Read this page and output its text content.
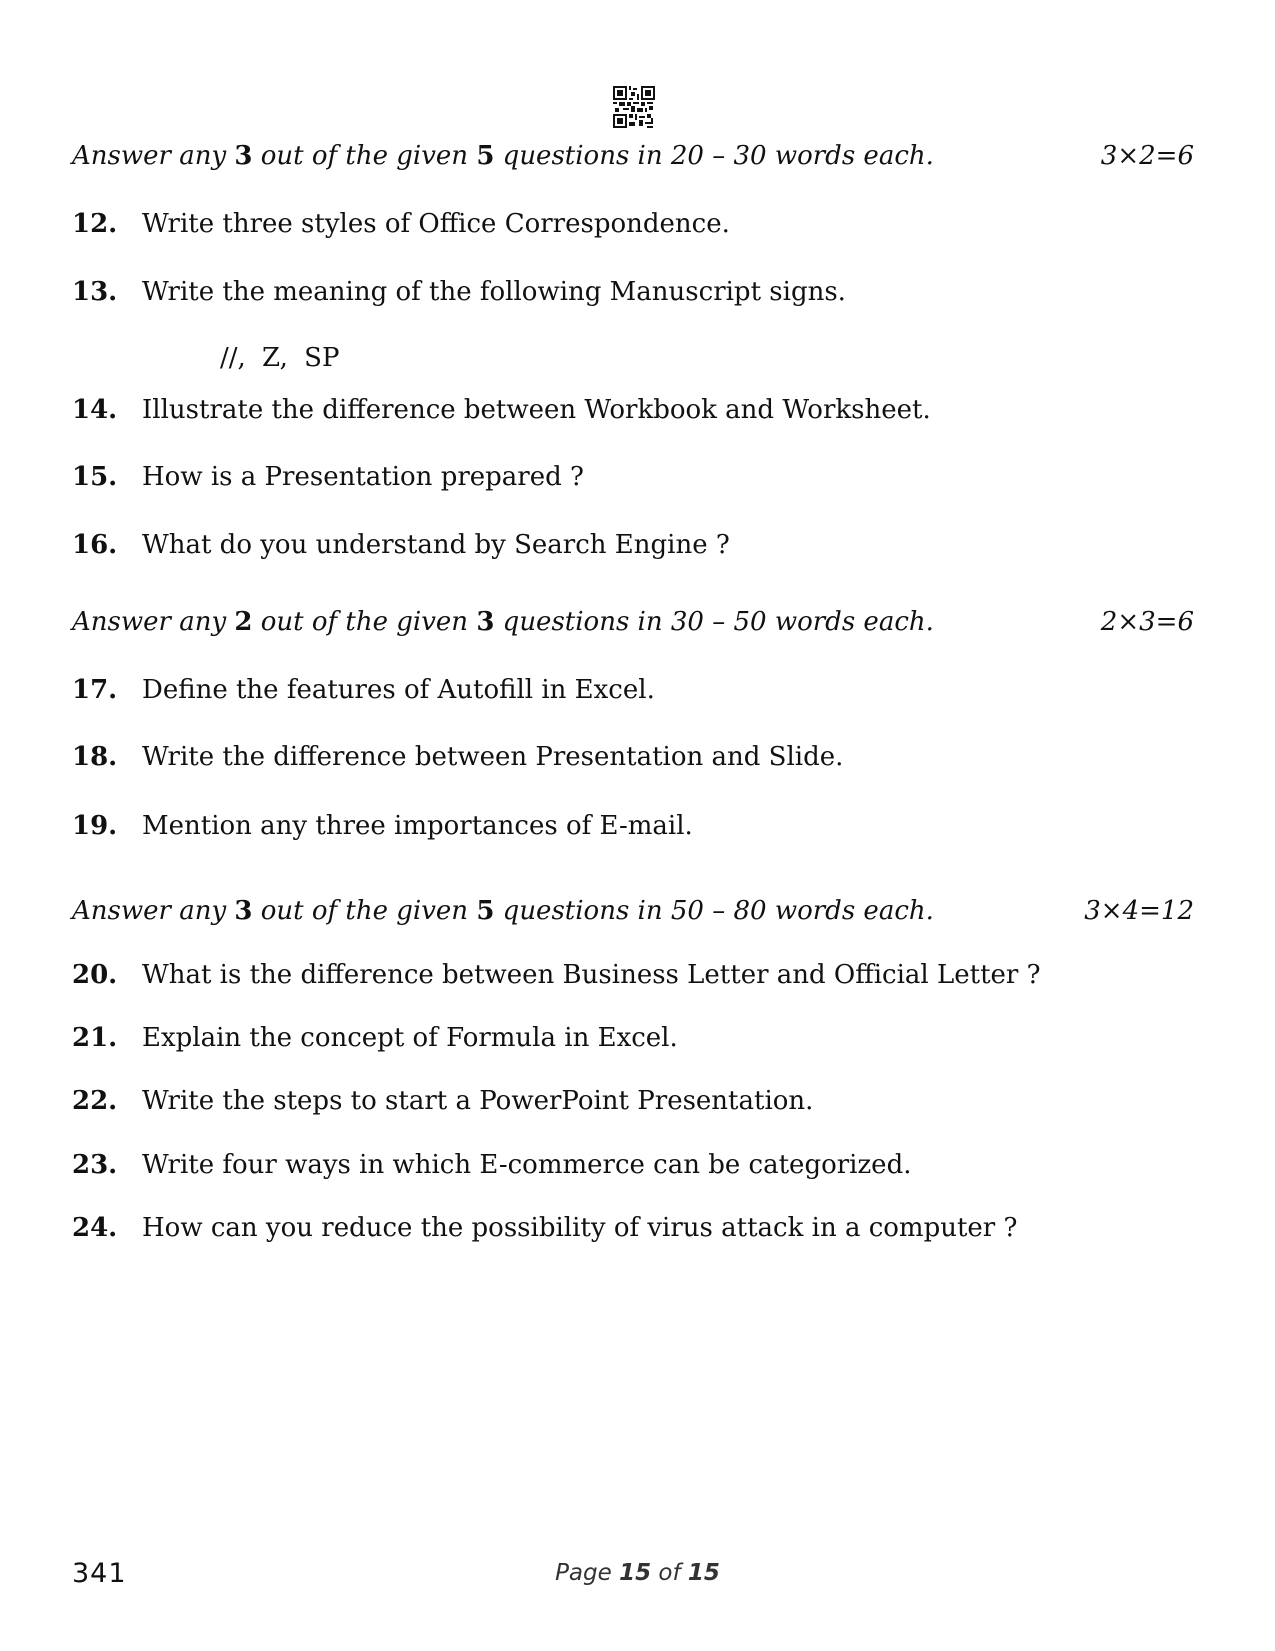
Answer any 3 out of the given 5 questions in 20 – 30 words each.	3×2=6
12. Write three styles of Office Correspondence.
13. Write the meaning of the following Manuscript signs.
//, Z, SP
14. Illustrate the difference between Workbook and Worksheet.
15. How is a Presentation prepared ?
16. What do you understand by Search Engine ?
Answer any 2 out of the given 3 questions in 30 – 50 words each.	2×3=6
17. Define the features of Autofill in Excel.
18. Write the difference between Presentation and Slide.
19. Mention any three importances of E-mail.
Answer any 3 out of the given 5 questions in 50 – 80 words each.	3×4=12
20. What is the difference between Business Letter and Official Letter ?
21. Explain the concept of Formula in Excel.
22. Write the steps to start a PowerPoint Presentation.
23. Write four ways in which E-commerce can be categorized.
24. How can you reduce the possibility of virus attack in a computer ?
341	Page 15 of 15
